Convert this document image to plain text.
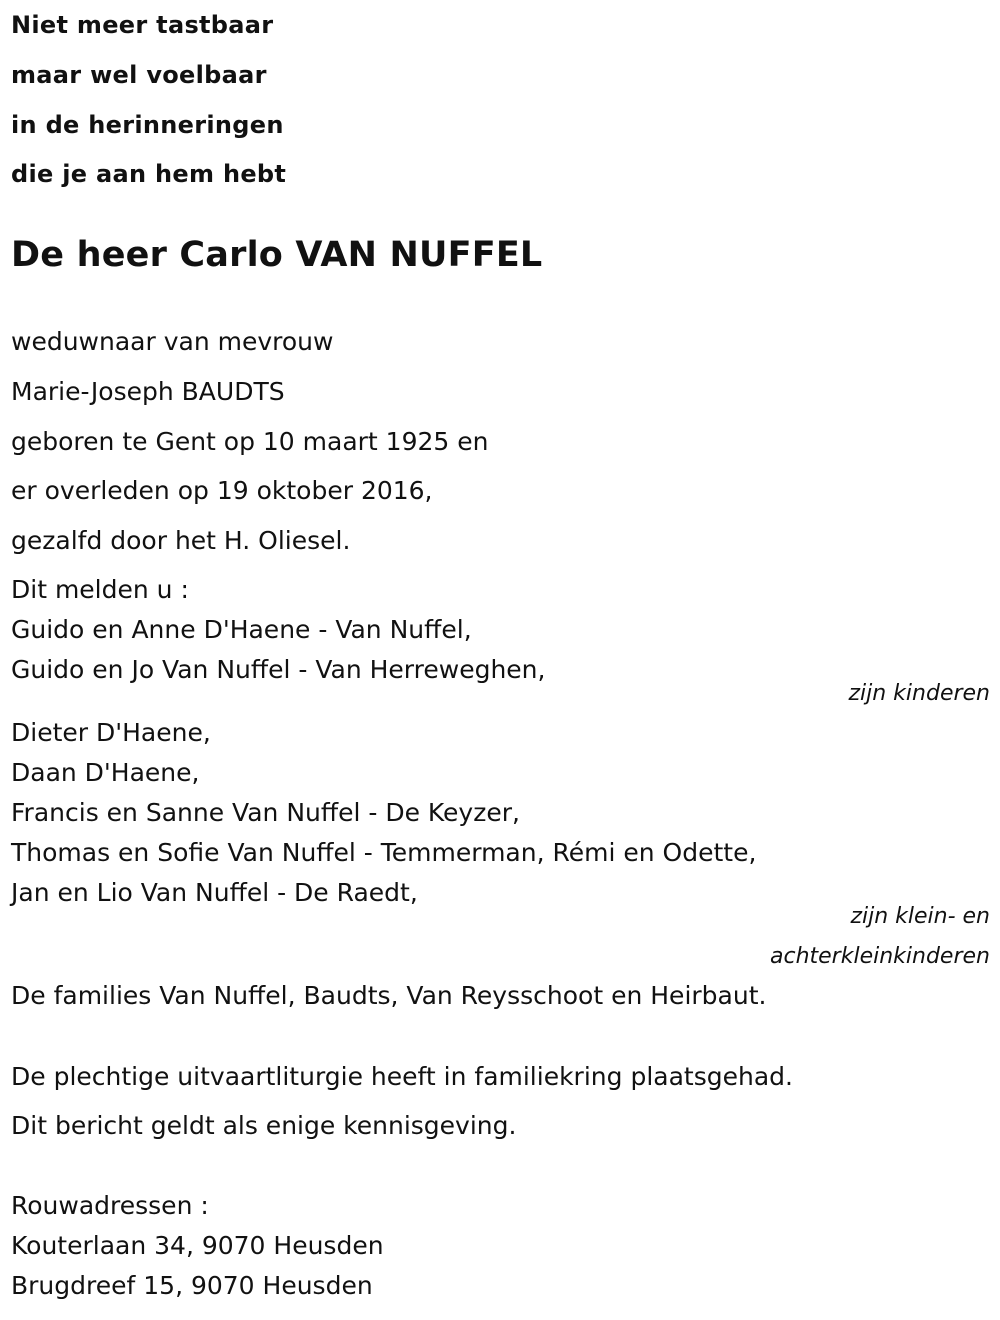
Niet meer tastbaar
maar wel voelbaar
in de herinneringen
die je aan hem hebt
De heer Carlo VAN NUFFEL
weduwnaar van mevrouw
Marie-Joseph BAUDTS
geboren te Gent op 10 maart 1925 en
er overleden op 19 oktober 2016,
gezalfd door het H. Oliesel.
Dit melden u :
Guido en Anne D'Haene - Van Nuffel,
Guido en Jo Van Nuffel - Van Herreweghen,
zijn kinderen
Dieter D'Haene,
Daan D'Haene,
Francis en Sanne Van Nuffel - De Keyzer,
Thomas en Sofie Van Nuffel - Temmerman, Rémi en Odette,
Jan en Lio Van Nuffel - De Raedt,
zijn klein- en
achterkleinkinderen
De families Van Nuffel, Baudts, Van Reysschoot en Heirbaut.
De plechtige uitvaartliturgie heeft in familiekring plaatsgehad.
Dit bericht geldt als enige kennisgeving.
Rouwadressen :
Kouterlaan 34, 9070 Heusden
Brugdreef 15, 9070 Heusden
